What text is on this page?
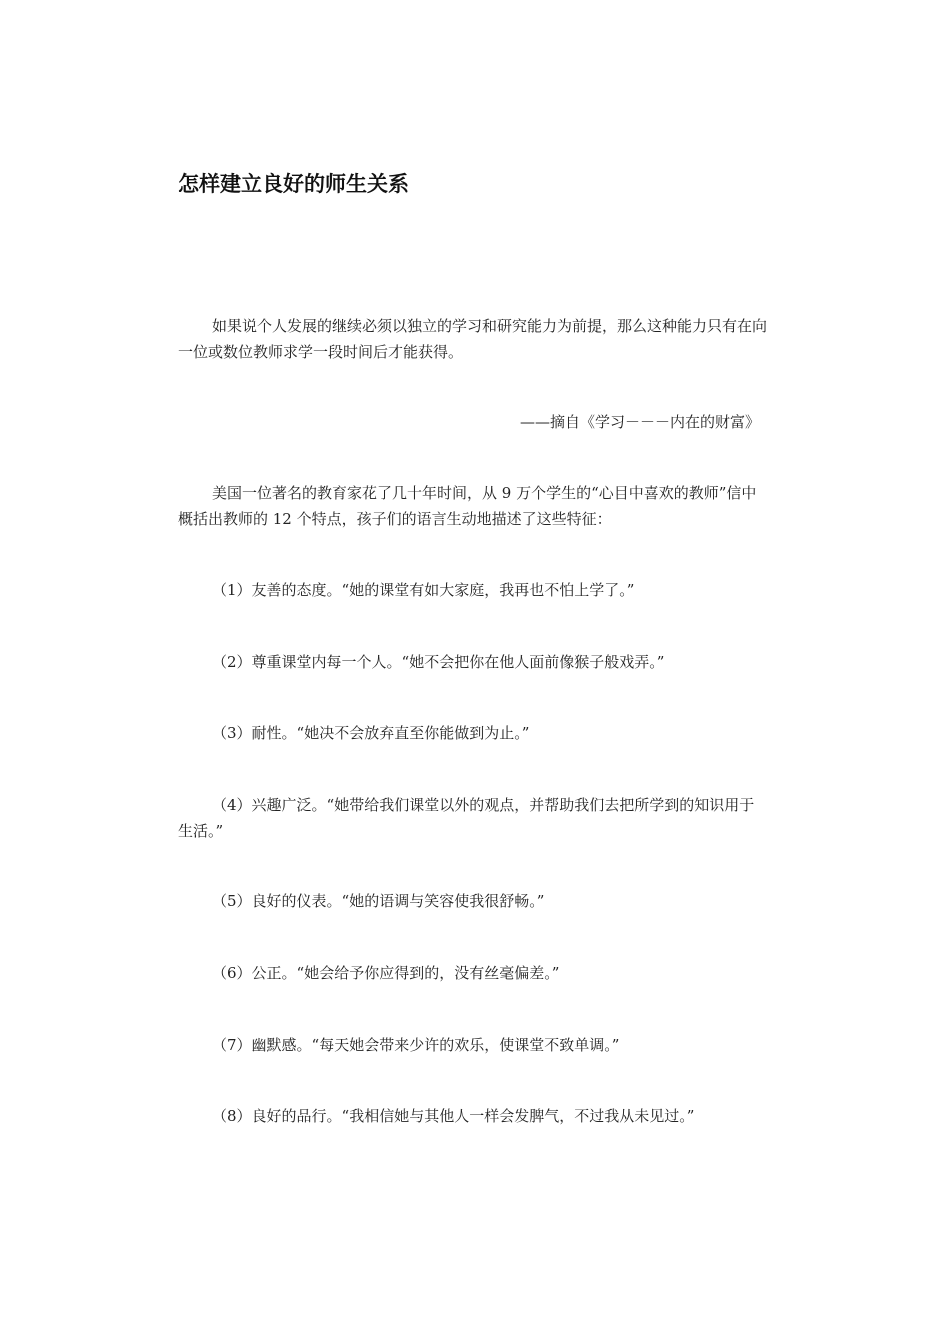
怎样建立良好的师生关系

如果说个人发展的继续必须以独立的学习和研究能力为前提，那么这种能力只有在向一位或数位教师求学一段时间后才能获得。

——摘自《学习－－－内在的财富》

美国一位著名的教育家花了几十年时间，从 9 万个学生的“心目中喜欢的教师”信中概括出教师的 12 个特点，孩子们的语言生动地描述了这些特征：

（1）友善的态度。“她的课堂有如大家庭，我再也不怕上学了。”

（2）尊重课堂内每一个人。“她不会把你在他人面前像猴子般戏弄。”

（3）耐性。“她决不会放弃直至你能做到为止。”

（4）兴趣广泛。“她带给我们课堂以外的观点，并帮助我们去把所学到的知识用于生活。”

（5）良好的仪表。“她的语调与笑容使我很舒畅。”

（6）公正。“她会给予你应得到的，没有丝毫偏差。”

（7）幽默感。“每天她会带来少许的欢乐，使课堂不致单调。”

（8）良好的品行。“我相信她与其他人一样会发脾气，不过我从未见过。”
